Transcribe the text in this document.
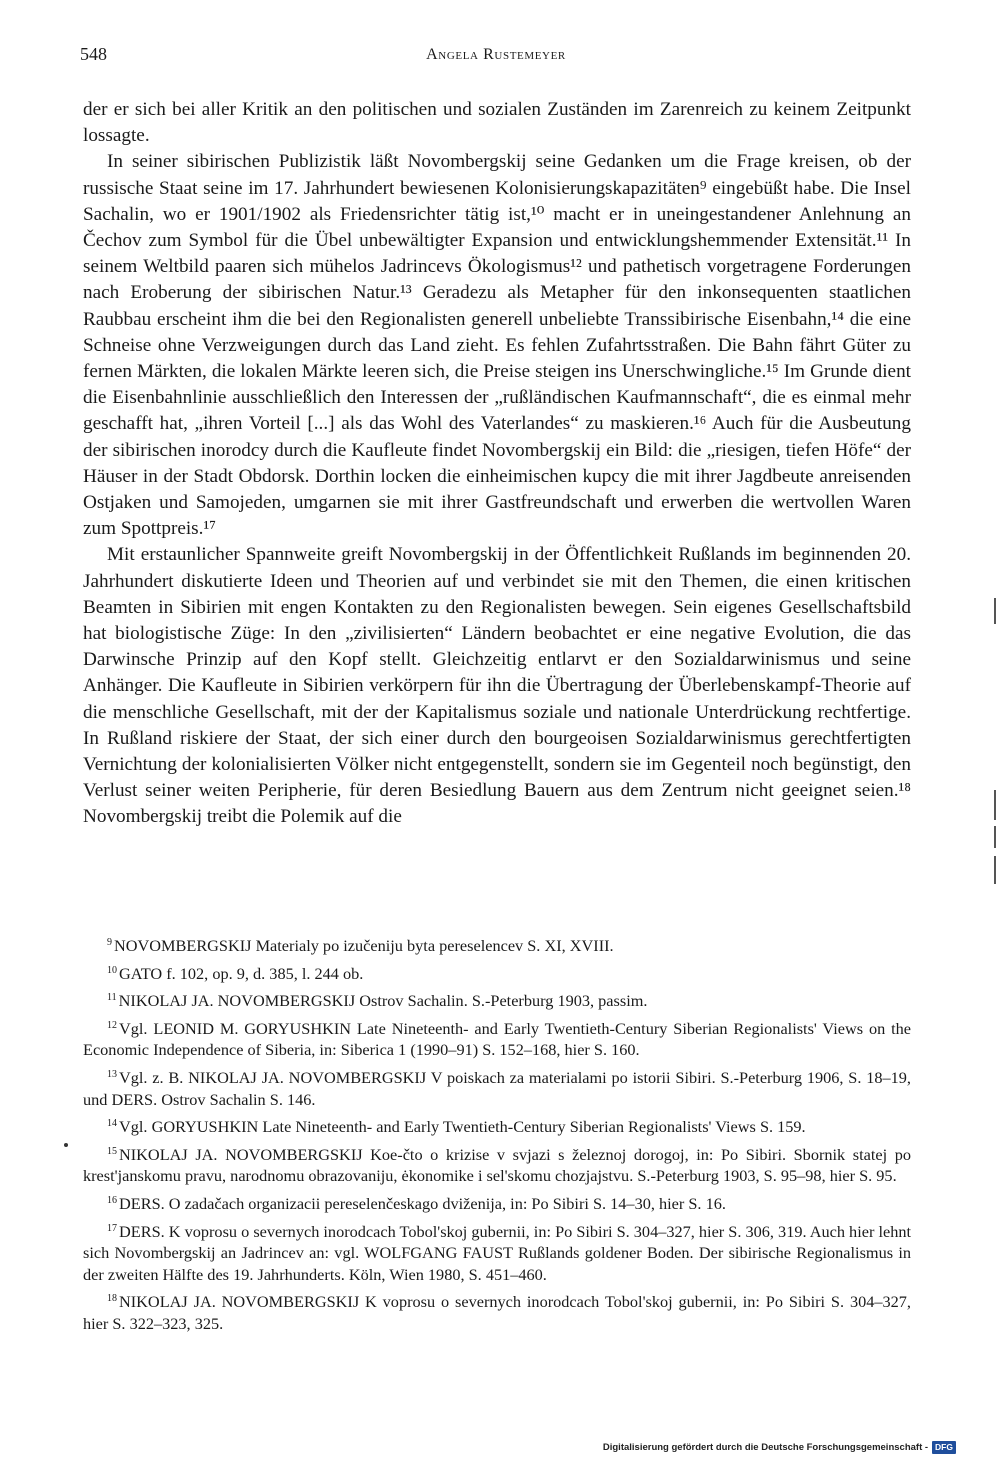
548	Angela Rustemeyer

der er sich bei aller Kritik an den politischen und sozialen Zuständen im Zarenreich zu keinem Zeitpunkt lossagte.

In seiner sibirischen Publizistik läßt Novombergskij seine Gedanken um die Frage kreisen, ob der russische Staat seine im 17. Jahrhundert bewiesenen Kolonisierungskapazitäten⁹ eingebüßt habe. Die Insel Sachalin, wo er 1901/1902 als Friedensrichter tätig ist,¹⁰ macht er in uneingestandener Anlehnung an Čechov zum Symbol für die Übel unbewältigter Expansion und entwicklungshemmender Extensität.¹¹ In seinem Weltbild paaren sich mühelos Jadrincevs Ökologismus¹² und pathetisch vorgetragene Forderungen nach Eroberung der sibirischen Natur.¹³ Geradezu als Metapher für den inkonsequenten staatlichen Raubbau erscheint ihm die bei den Regionalisten generell unbeliebte Transsibirische Eisenbahn,¹⁴ die eine Schneise ohne Verzweigungen durch das Land zieht. Es fehlen Zufahrtsstraßen. Die Bahn fährt Güter zu fernen Märkten, die lokalen Märkte leeren sich, die Preise steigen ins Unerschwingliche.¹⁵ Im Grunde dient die Eisenbahnlinie ausschließlich den Interessen der „rußländischen Kaufmannschaft“, die es einmal mehr geschafft hat, „ihren Vorteil [...] als das Wohl des Vaterlandes“ zu maskieren.¹⁶ Auch für die Ausbeutung der sibirischen inorodcy durch die Kaufleute findet Novombergskij ein Bild: die „riesigen, tiefen Höfe“ der Häuser in der Stadt Obdorsk. Dorthin locken die einheimischen kupcy die mit ihrer Jagdbeute anreisenden Ostjaken und Samojeden, umgarnen sie mit ihrer Gastfreundschaft und erwerben die wertvollen Waren zum Spottpreis.¹⁷

Mit erstaunlicher Spannweite greift Novombergskij in der Öffentlichkeit Rußlands im beginnenden 20. Jahrhundert diskutierte Ideen und Theorien auf und verbindet sie mit den Themen, die einen kritischen Beamten in Sibirien mit engen Kontakten zu den Regionalisten bewegen. Sein eigenes Gesellschaftsbild hat biologistische Züge: In den „zivilisierten“ Ländern beobachtet er eine negative Evolution, die das Darwinsche Prinzip auf den Kopf stellt. Gleichzeitig entlarvt er den Sozialdarwinismus und seine Anhänger. Die Kaufleute in Sibirien verkörpern für ihn die Übertragung der Überlebenskampf-Theorie auf die menschliche Gesellschaft, mit der der Kapitalismus soziale und nationale Unterdrückung rechtfertige. In Rußland riskiere der Staat, der sich einer durch den bourgeoisen Sozialdarwinismus gerechtfertigten Vernichtung der kolonialisierten Völker nicht entgegenstellt, sondern sie im Gegenteil noch begünstigt, den Verlust seiner weiten Peripherie, für deren Besiedlung Bauern aus dem Zentrum nicht geeignet seien.¹⁸ Novombergskij treibt die Polemik auf die

$^9$ NOVOMBERGSKIJ Materialy po izučeniju byta pereselencev S. XI, XVIII.

$^{10}$ GATO f. 102, op. 9, d. 385, l. 244 ob.

$^{11}$ NIKOLAJ JA. NOVOMBERGSKIJ Ostrov Sachalin. S.-Peterburg 1903, passim.

$^{12}$ Vgl. LEONID M. GORYUSHKIN Late Nineteenth- and Early Twentieth-Century Siberian Regionalists' Views on the Economic Independence of Siberia, in: Siberica 1 (1990–91) S. 152–168, hier S. 160.

$^{13}$ Vgl. z. B. NIKOLAJ JA. NOVOMBERGSKIJ V poiskach za materialami po istorii Sibiri. S.-Peterburg 1906, S. 18–19, und DERS. Ostrov Sachalin S. 146.

$^{14}$ Vgl. GORYUSHKIN Late Nineteenth- and Early Twentieth-Century Siberian Regionalists' Views S. 159.

$^{15}$ NIKOLAJ JA. NOVOMBERGSKIJ Koe-čto o krizise v svjazi s železnoj dorogoj, in: Po Sibiri. Sbornik statej po krest'janskomu pravu, narodnomu obrazovaniju, ėkonomike i sel'skomu chozjajstvu. S.-Peterburg 1903, S. 95–98, hier S. 95.

$^{16}$ DERS. O zadačach organizacii pereselenčeskago dviženija, in: Po Sibiri S. 14–30, hier S. 16.

$^{17}$ DERS. K voprosu o severnych inorodcach Tobol'skoj gubernii, in: Po Sibiri S. 304–327, hier S. 306, 319. Auch hier lehnt sich Novombergskij an Jadrincev an: vgl. WOLFGANG FAUST Rußlands goldener Boden. Der sibirische Regionalismus in der zweiten Hälfte des 19. Jahrhunderts. Köln, Wien 1980, S. 451–460.

$^{18}$ NIKOLAJ JA. NOVOMBERGSKIJ K voprosu o severnych inorodcach Tobol'skoj gubernii, in: Po Sibiri S. 304–327, hier S. 322–323, 325.

Digitalisierung gefördert durch die Deutsche Forschungsgemeinschaft - DFG
